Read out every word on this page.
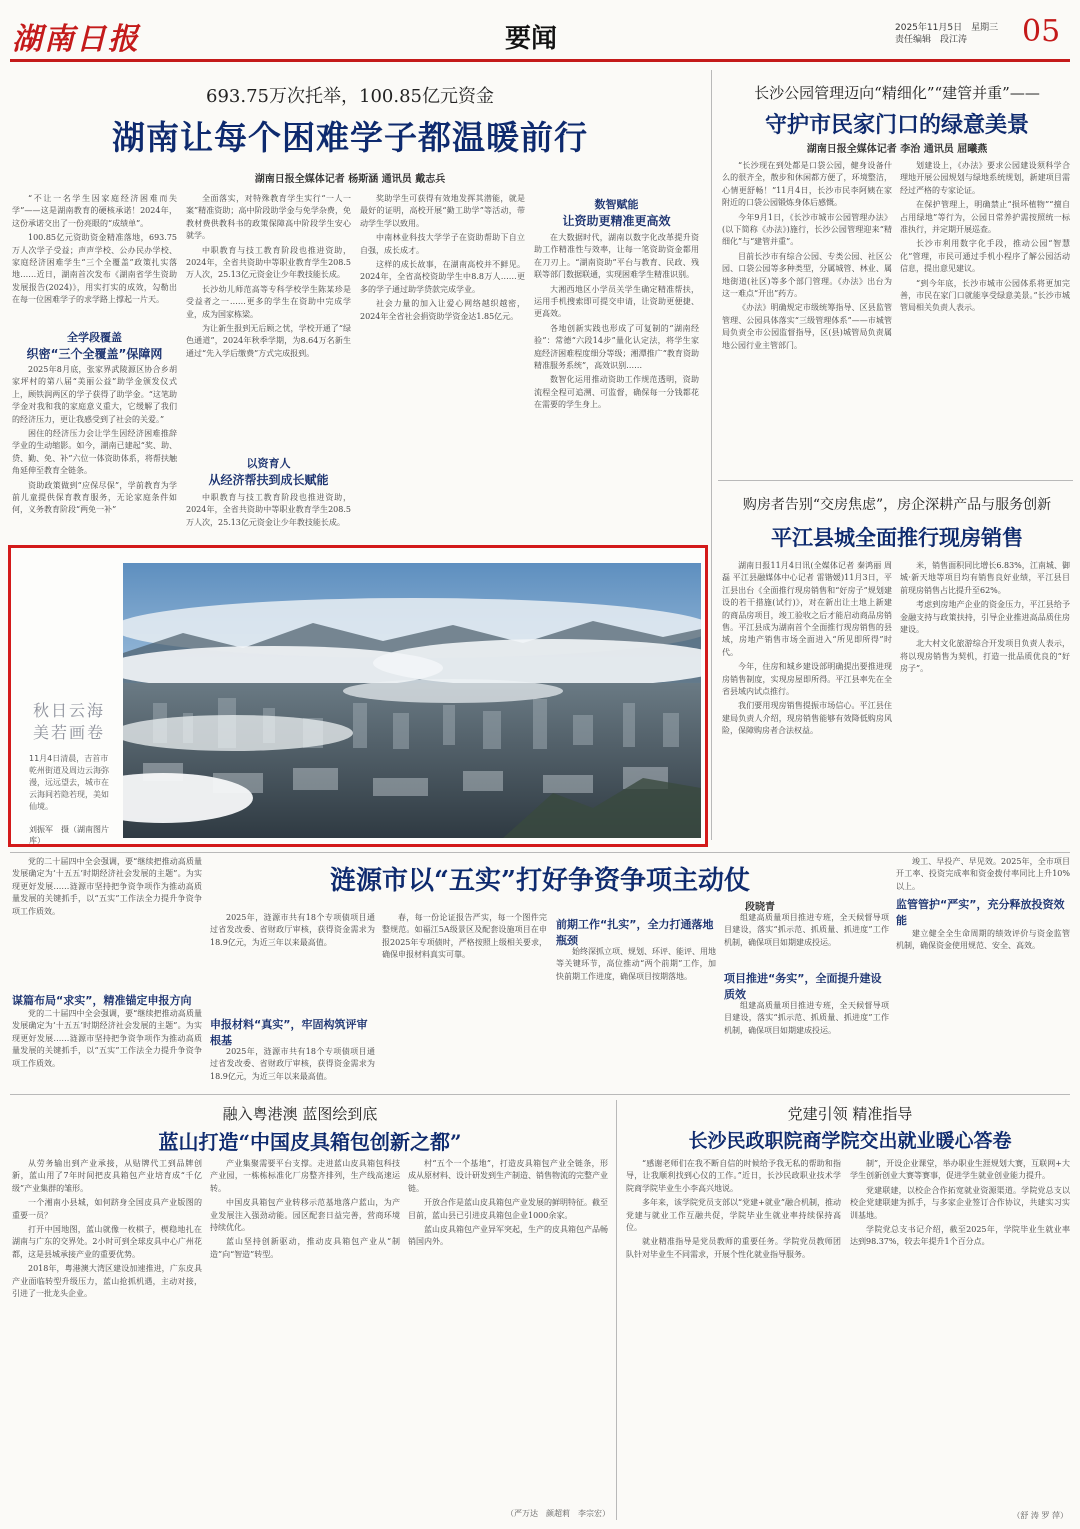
湖南日报	要闻	2025年11月5日　星期三
责任编辑　段江涛	05
693.75万次托举，100.85亿元资金
湖南让每个困难学子都温暖前行
湖南日报全媒体记者 杨斯涵 通讯员 戴志兵

“不让一名学生因家庭经济困难而失学”——这是湖南教育的硬核承诺！2024年，这份承诺交出了一份亮眼的“成绩单”。

100.85亿元资助资金精准落地，693.75万人次学子受益；声声学校、公办民办学校、家庭经济困难学生“三个全覆盖”政策扎实落地……近日，湖南首次发布《湖南省学生资助发展报告(2024)》，用实打实的成效，勾勒出在每一位困难学子的求学路上撑起一片天。

全学段覆盖
织密“三个全覆盖”保障网

2025年8月底，张家界武陵源区协合乡胡家坪村的第八届“美丽公益”助学金颁发仪式上，顾铁润两区的学子获得了助学金。“这笔助学金对我和我的家庭意义重大，它缓解了我们的经济压力，更让我感受到了社会的关爱。”

困住的经济压力会让学生因经济困难推辞学业的生动缩影。如今，湖南已建起“奖、助、贷、勤、免、补”六位一体资助体系，将帮扶触角延伸至教育全链条。

资助政策做到“应保尽保”，学前教育为学前儿童提供保育教育服务，无论家庭条件如何，义务教育阶段“两免一补”

全面落实，对特殊教育学生实行“一人一案”精准资助；高中阶段助学金与免学杂费，免教材费供教科书的政策保障高中阶段学生安心就学。

中职教育与技工教育阶段也推进资助，2024年，全省共资助中等职业教育学生208.5万人次，25.13亿元资金让少年教技能长成。

长沙幼儿师范高等专科学校学生陈某珍是受益者之一……更多的学生在资助中完成学业，成为国家栋梁。

为让新生报到无后顾之忧，学校开通了“绿色通道”，2024年秋季学期，为8.64万名新生通过“先入学后缴费”方式完成报到。

以资育人
从经济帮扶到成长赋能

中职教育与技工教育阶段也推进资助，2024年，全省共资助中等职业教育学生208.5万人次，25.13亿元资金让少年教技能长成。

奖助学生可获得有效地发挥其潜能，就是最好的证明，高校开展“勤工助学”等活动，带动学生学以致用。

中南林业科技大学学子在资助帮助下自立自强，成长成才。

这样的成长故事，在湖南高校并不鲜见。2024年，全省高校资助学生中8.8万人……更多的学子通过助学贷款完成学业。

社会力量的加入让爱心网络越织越密，2024年全省社会捐资助学资金达1.85亿元。

数智赋能
让资助更精准更高效

在大数据时代，湖南以数字化改革提升资助工作精准性与效率，让每一笔资助资金都用在刀刃上。“湖南资助”平台与教育、民政、残联等部门数据联通，实现困难学生精准识别。

大湘西地区小学员关学生确定精准帮扶，运用手机搜索即可提交申请，让资助更便捷、更高效。

各地创新实践也形成了可复制的“湖南经验”：常德“六段14步”量化认定法，将学生家庭经济困难程度细分等级；湘潭推广“教育资助精准服务系统”，高效识别……

数智化运用推动资助工作规范透明，资助流程全程可追溯、可监督，确保每一分钱都花在需要的学生身上。

长沙公园管理迈向“精细化”“建管并重”——
守护市民家门口的绿意美景
湖南日报全媒体记者 李治 通讯员 屈曦燕

“长沙现在到处都是口袋公园，健身设备什么的很齐全，散步和休闲都方便了，环境整洁，心情更舒畅！”11月4日，长沙市民李阿姨在家附近的口袋公园锻炼身体后感慨。

今年9月1日，《长沙市城市公园管理办法》(以下简称《办法》)施行，长沙公园管理迎来“精细化”与“建管并重”。

目前长沙市有综合公园、专类公园、社区公园、口袋公园等多种类型，分属城管、林业、属地街道(社区)等多个部门管理。《办法》出台为这一难点“开出”药方。

《办法》明确规定市级统筹指导、区县监管管理、公园具体落实“三级管理体系”——市城管局负责全市公园监督指导，区(县)城管局负责属地公园行业主管部门。

划建设上，《办法》要求公园建设须科学合理地开展公园规划与绿地系统规划，新建项目需经过严格的专家论证。

在保护管理上，明确禁止“损坏植物”“擅自占用绿地”等行为，公园日常养护需按照统一标准执行，并定期开展巡查。

长沙市利用数字化手段，推动公园“智慧化”管理，市民可通过手机小程序了解公园活动信息，提出意见建议。

“到今年底，长沙市城市公园体系将更加完善，市民在家门口就能享受绿意美景。”长沙市城管局相关负责人表示。

购房者告别“交房焦虑”，房企深耕产品与服务创新
平江县城全面推行现房销售

湖南日报11月4日讯(全媒体记者 秦鸿丽 周磊 平江县融媒体中心记者 雷锴媛)11月3日，平江县出台《全面推行现房销售和“好房子”规划建设的若干措施(试行)》，对在新出让土地上新建的商品房项目，竣工验收之后才能启动商品房销售。平江县成为湖南首个全面推行现房销售的县域，房地产销售市场全面进入“所见即所得”时代。

今年，住房和城乡建设部明确提出要推进现房销售制度，实现房屋即所得。平江县率先在全省县域内试点推行。

我们要用现房销售提振市场信心。平江县住建局负责人介绍，现房销售能够有效降低购房风险，保障购房者合法权益。

米，销售面积同比增长6.83%，江南城、御城·新天地等项目均有销售良好业绩，平江县目前现房销售占比提升至62%。

考虑到房地产企业的资金压力，平江县给予金融支持与政策扶持，引导企业推进高品质住房建设。

北大村文化旅游综合开发项目负责人表示，将以现房销售为契机，打造一批品质优良的“好房子”。

秋日云海
美若画卷
11月4日清晨，吉首市乾州街道及周边云海弥漫，远远望去，城市在云海间若隐若现，美如仙境。
刘振军　摄（湖南图片库）

党的二十届四中全会强调，要“继续把推动高质量发展确定为‘十五五’时期经济社会发展的主题”。为实现更好发展……涟源市坚持把争资争项作为推动高质量发展的关键抓手，以“五实”工作法全力提升争资争项工作质效。

谋篇布局“求实”，精准锚定申报方向

党的二十届四中全会强调，要“继续把推动高质量发展确定为‘十五五’时期经济社会发展的主题”。为实现更好发展……涟源市坚持把争资争项作为推动高质量发展的关键抓手，以“五实”工作法全力提升争资争项工作质效。

涟源市以“五实”打好争资争项主动仗
段晓青

2025年，涟源市共有18个专项债项目通过省发改委、省财政厅审核，获得资金需求为18.9亿元，为近三年以来最高值。

申报材料“真实”，牢固构筑评审根基

2025年，涟源市共有18个专项债项目通过省发改委、省财政厅审核，获得资金需求为18.9亿元，为近三年以来最高值。

春，每一份论证报告严实，每一个图件完整规范。如福江5A级景区及配套设施项目在申报2025年专项债时，严格按照上级相关要求，确保申报材料真实可靠。

前期工作“扎实”，全力打通落地瓶颈

始终深抓立项、规划、环评、能评、用地等关键环节，高位推动“两个前期”工作，加快前期工作进度，确保项目按期落地。

组建高质量项目推进专班，全天候督导项目建设，落实“抓示范、抓质量、抓进度”工作机制，确保项目如期建成投运。

项目推进“务实”，全面提升建设质效

组建高质量项目推进专班，全天候督导项目建设，落实“抓示范、抓质量、抓进度”工作机制，确保项目如期建成投运。

竣工、早投产、早见效。2025年，全市项目开工率、投资完成率和资金拨付率同比上升10%以上。

监管管护“严实”，充分释放投资效能

建立健全全生命周期的绩效评价与资金监管机制，确保资金使用规范、安全、高效。

融入粤港澳 蓝图绘到底
蓝山打造“中国皮具箱包创新之都”

从劳务输出到产业承接，从贴牌代工到品牌创新，蓝山用了7年时间把皮具箱包产业培育成“千亿级”产业集群的雏形。

一个湘南小县城，如何跻身全国皮具产业版图的重要一员？

打开中国地图，蓝山就像一枚棋子，楔稳地扎在湖南与广东的交界处。2小时可到全球皮具中心广州花都，这是县城承接产业的重要优势。

2018年，粤港澳大湾区建设加速推进，广东皮具产业面临转型升级压力，蓝山抢抓机遇，主动对接，引进了一批龙头企业。

产业集聚需要平台支撑。走进蓝山皮具箱包科技产业园，一栋栋标准化厂房整齐排列，生产线高速运转。

中国皮具箱包产业转移示范基地落户蓝山，为产业发展注入强劲动能。园区配套日益完善，营商环境持续优化。

蓝山坚持创新驱动，推动皮具箱包产业从“制造”向“智造”转型。

村“五个一个基地”，打造皮具箱包产业全链条，形成从原材料、设计研发到生产制造、销售物流的完整产业链。

开放合作是蓝山皮具箱包产业发展的鲜明特征。截至目前，蓝山县已引进皮具箱包企业1000余家。

蓝山皮具箱包产业异军突起，生产的皮具箱包产品畅销国内外。

（严万达　颜超莉　李宗宏）
党建引领 精准指导
长沙民政职院商学院交出就业暖心答卷

“感谢老师们在我不断自信的时候给予我无私的帮助和指导，让我顺利找到心仪的工作。”近日，长沙民政职业技术学院商学院毕业生小李高兴地说。

多年来，该学院党员支部以“党建+就业”融合机制，推动党建与就业工作互融共促，学院毕业生就业率持续保持高位。

就业精准指导是党员教师的重要任务。学院党员教师团队针对毕业生不同需求，开展个性化就业指导服务。

制”，开设企业课堂，举办职业生涯规划大赛，互联网+大学生创新创业大赛等赛事，促进学生就业创业能力提升。

党建联建，以校企合作拓宽就业资源渠道。学院党总支以校企党建联建为抓手，与多家企业签订合作协议，共建实习实训基地。

学院党总支书记介绍，截至2025年，学院毕业生就业率达到98.37%，较去年提升1个百分点。

（舒 涛 罗 萍）
